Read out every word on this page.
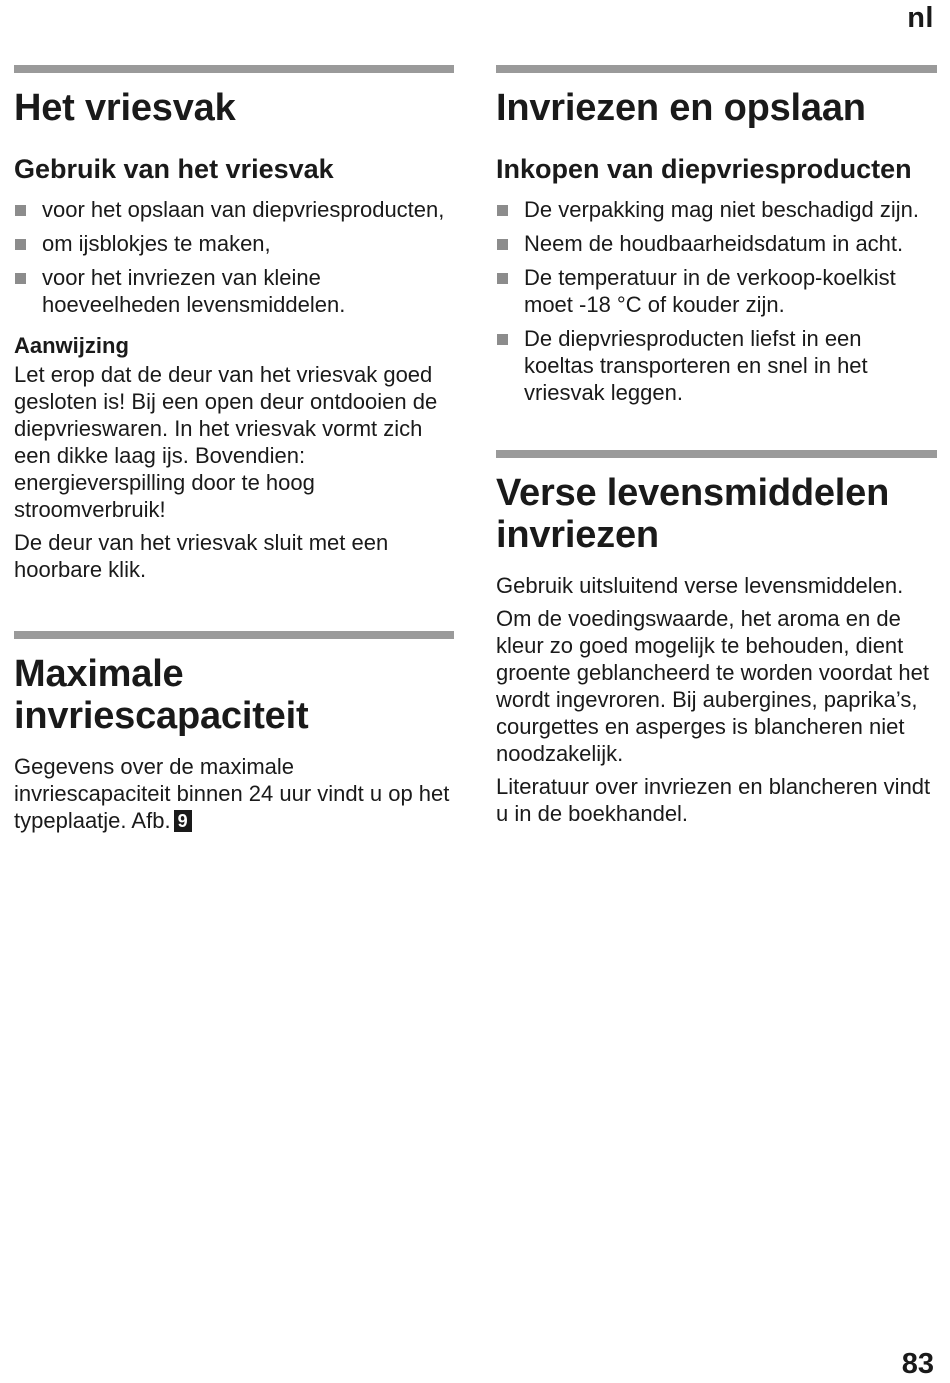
nl
Het vriesvak
Gebruik van het vriesvak
voor het opslaan van diepvriesproducten,
om ijsblokjes te maken,
voor het invriezen van kleine hoeveelheden levensmiddelen.
Aanwijzing

Let erop dat de deur van het vriesvak goed gesloten is! Bij een open deur ontdooien de diepvrieswaren. In het vriesvak vormt zich een dikke laag ijs. Bovendien: energieverspilling door te hoog stroomverbruik!

De deur van het vriesvak sluit met een hoorbare klik.

Maximale invriescapaciteit

Gegevens over de maximale invriescapaciteit binnen 24 uur vindt u op het typeplaatje. Afb. 9

Invriezen en opslaan
Inkopen van diepvriesproducten
De verpakking mag niet beschadigd zijn.
Neem de houdbaarheidsdatum in acht.
De temperatuur in de verkoop-koelkist moet -18 °C of kouder zijn.
De diepvriesproducten liefst in een koeltas transporteren en snel in het vriesvak leggen.
Verse levensmiddelen invriezen

Gebruik uitsluitend verse levensmiddelen.

Om de voedingswaarde, het aroma en de kleur zo goed mogelijk te behouden, dient groente geblancheerd te worden voordat het wordt ingevroren. Bij aubergines, paprika’s, courgettes en asperges is blancheren niet noodzakelijk.

Literatuur over invriezen en blancheren vindt u in de boekhandel.

83
